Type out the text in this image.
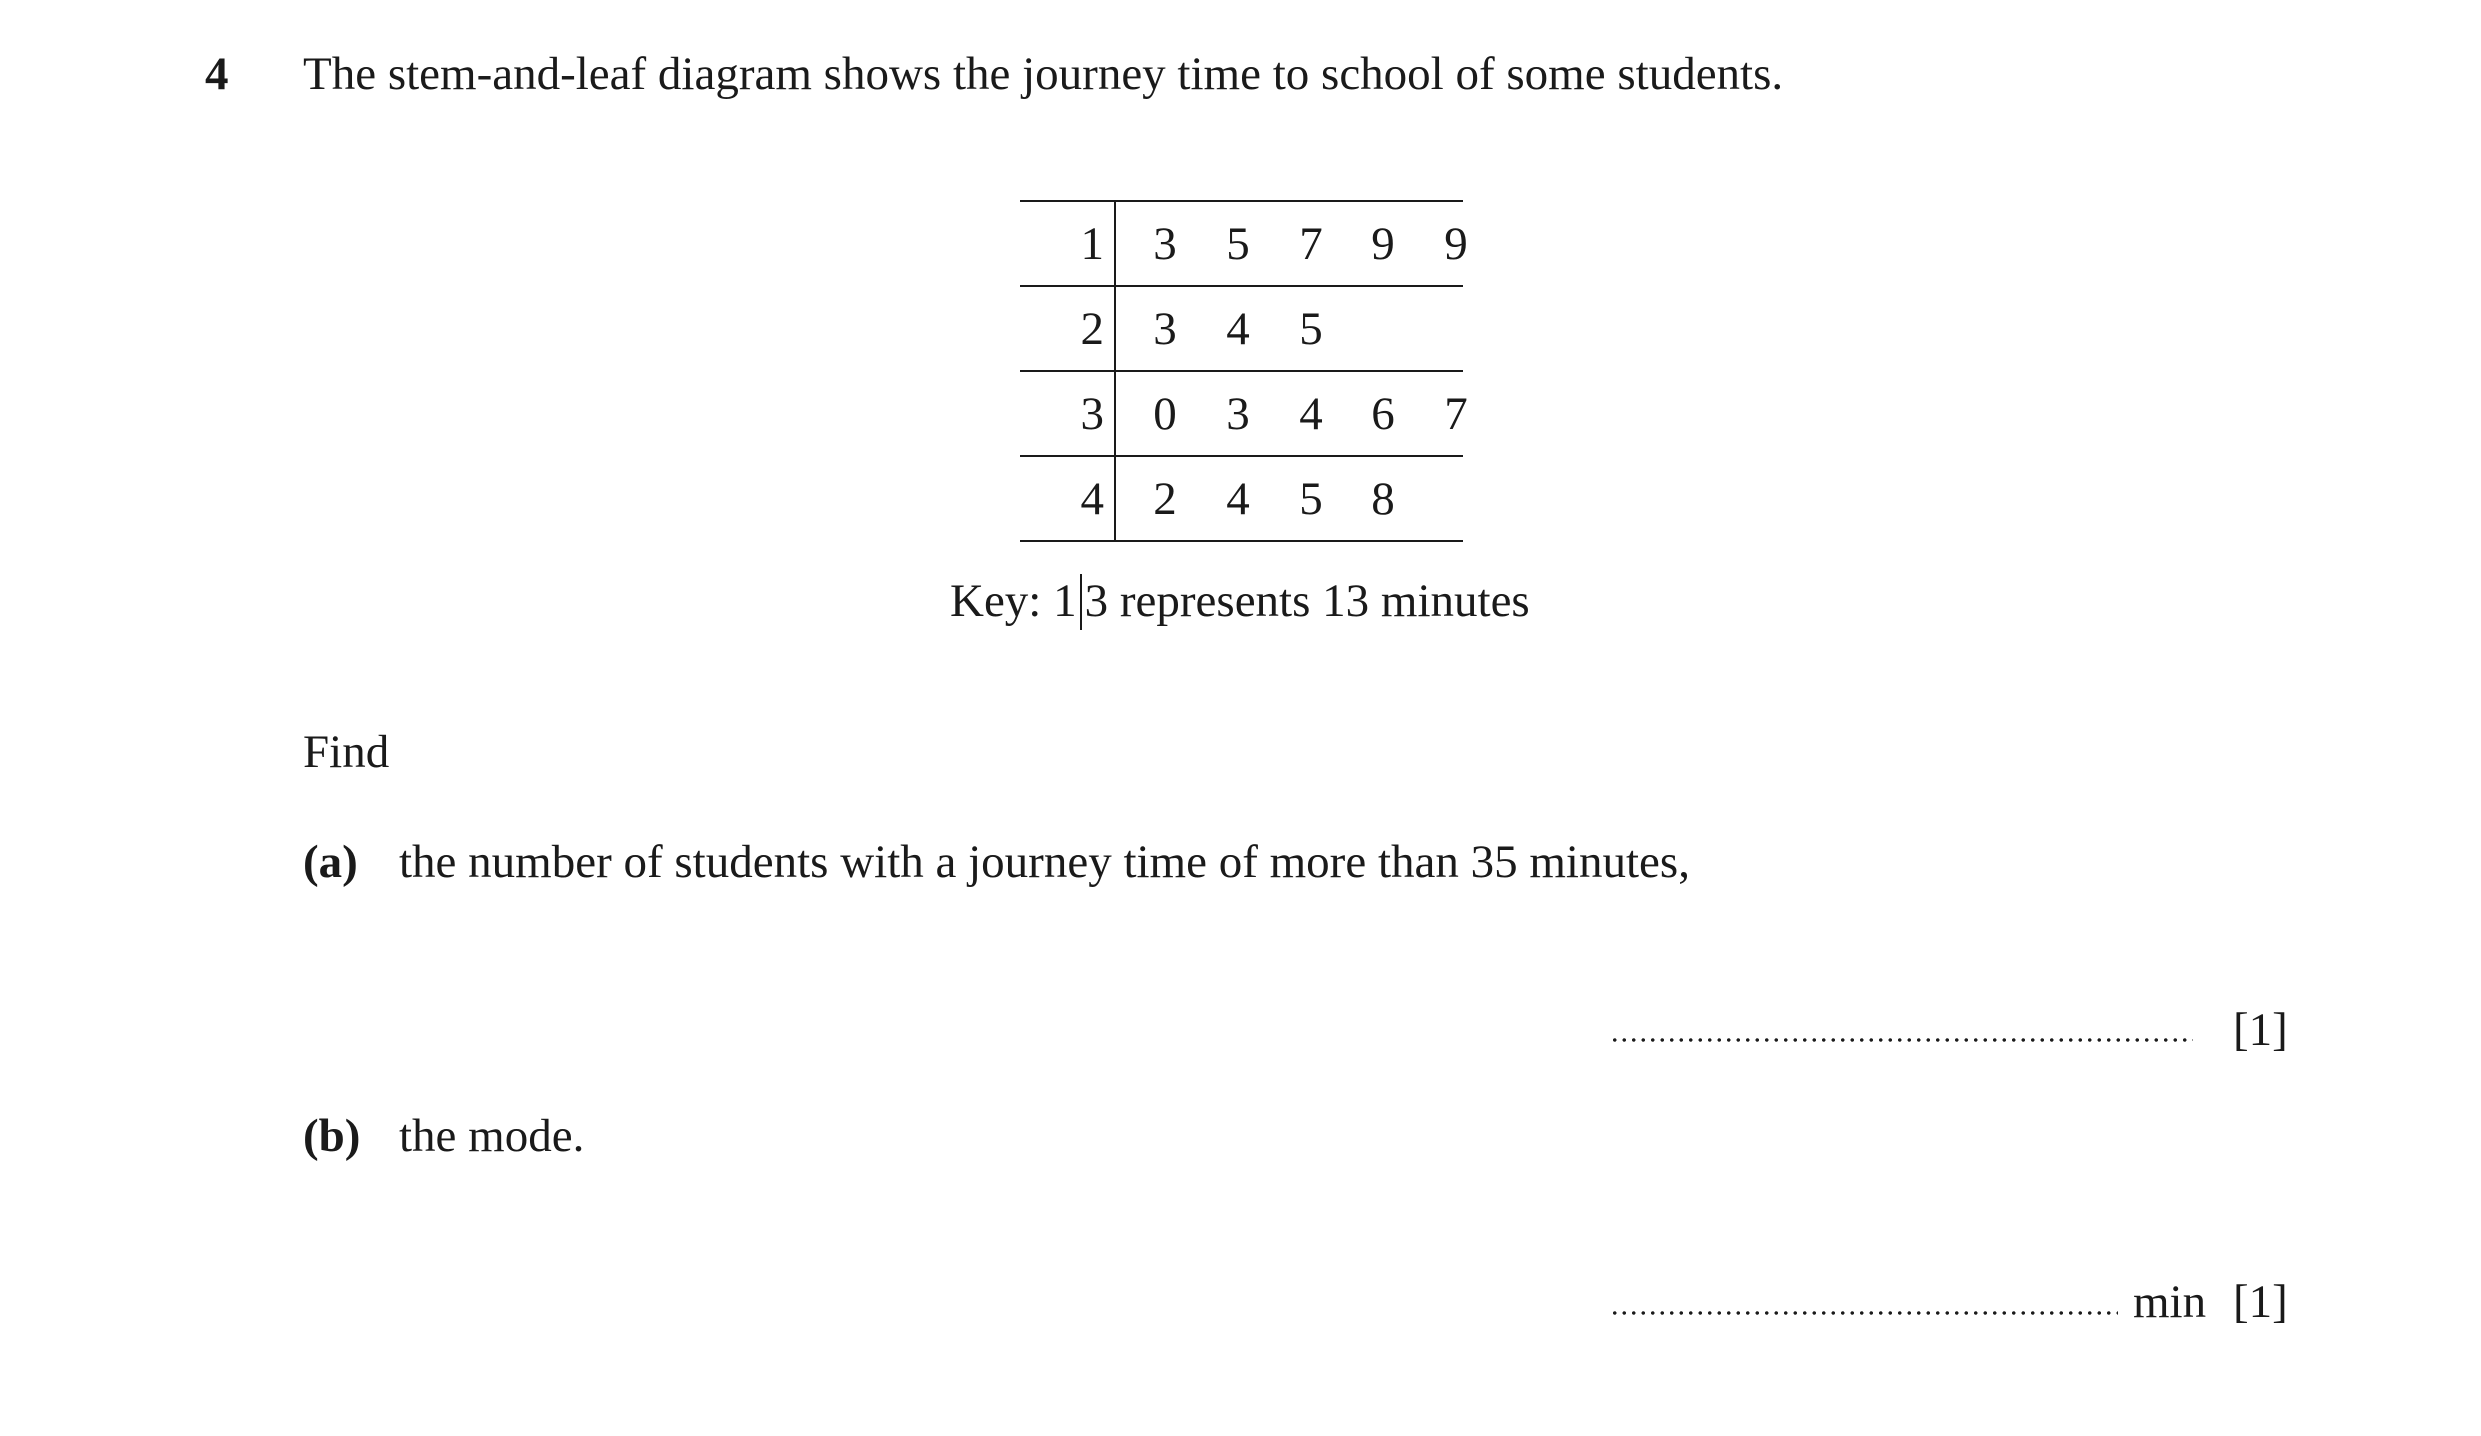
4 The stem-and-leaf diagram shows the journey time to school of some students.
1 3 5 7 9 9
2 3 4 5
3 0 3 4 6 7
4 2 4 5 8
Key: 1 3 represents 13 minutes
Find
(a) the number of students with a journey time of more than 35 minutes,
[1]
(b) the mode.
min [1]
